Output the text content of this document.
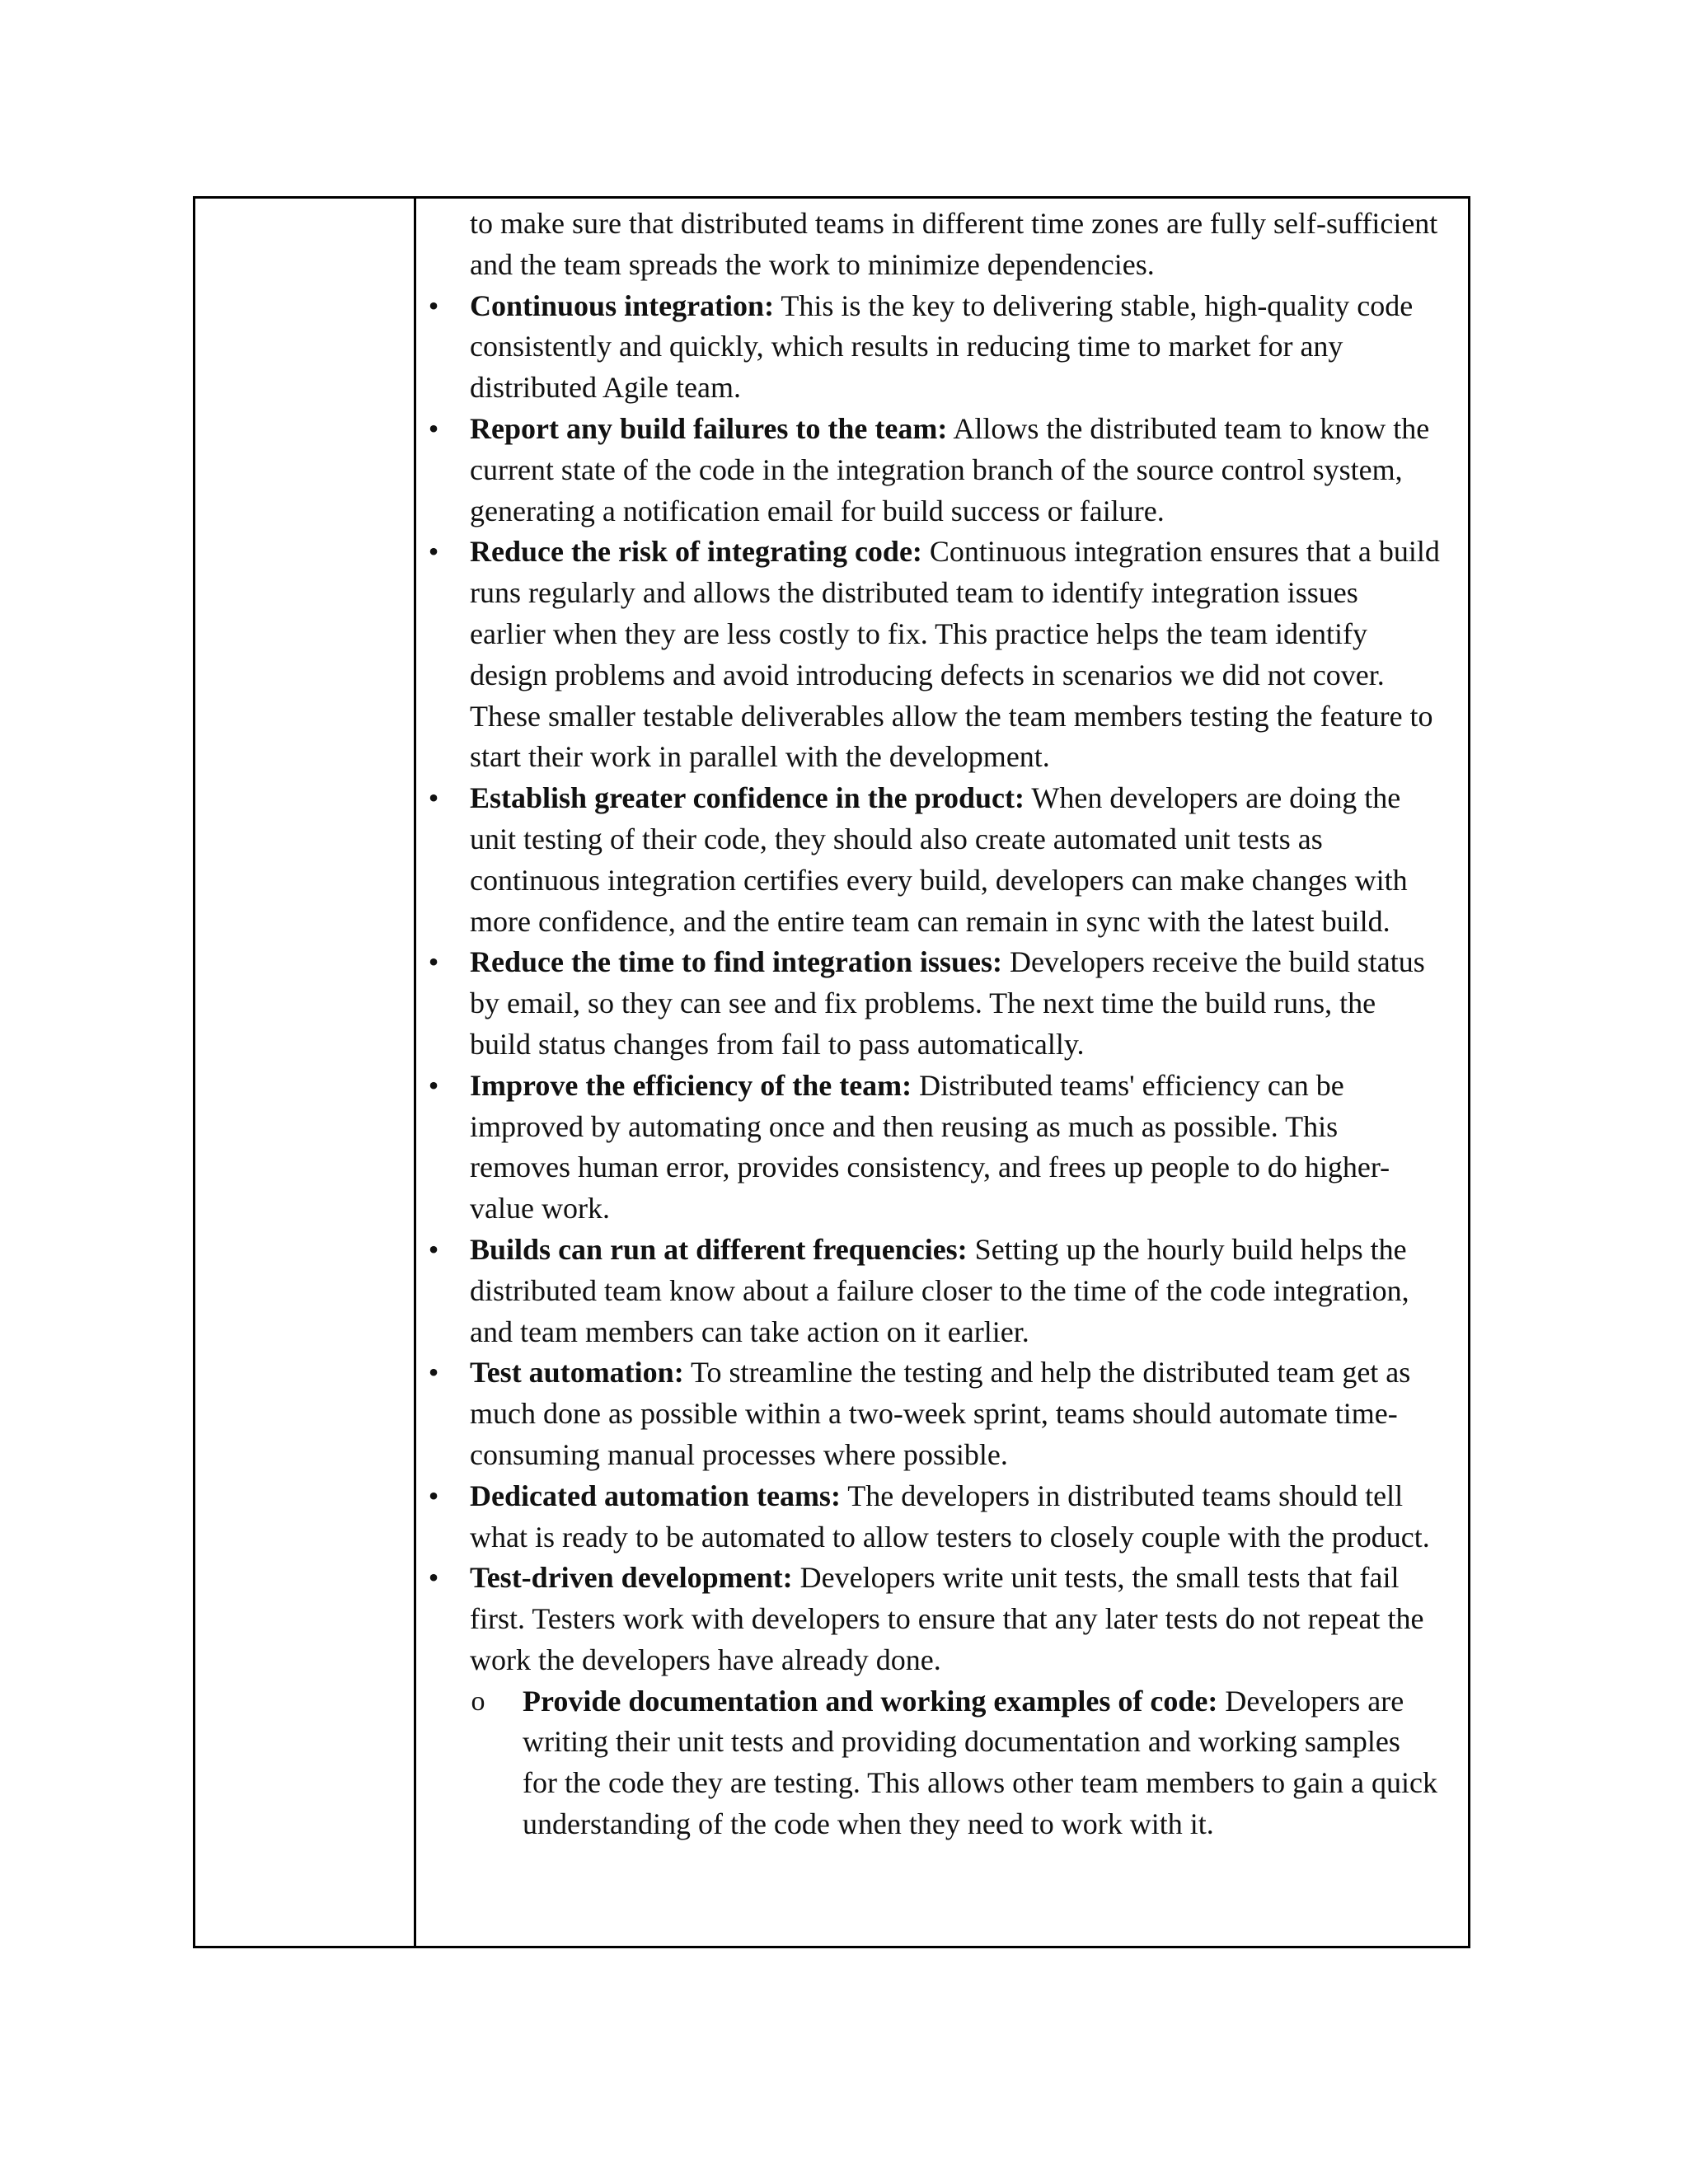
to make sure that distributed teams in different time zones are fully self-sufficient and the team spreads the work to minimize dependencies.
• Continuous integration: This is the key to delivering stable, high-quality code consistently and quickly, which results in reducing time to market for any distributed Agile team.
• Report any build failures to the team: Allows the distributed team to know the current state of the code in the integration branch of the source control system, generating a notification email for build success or failure.
• Reduce the risk of integrating code: Continuous integration ensures that a build runs regularly and allows the distributed team to identify integration issues earlier when they are less costly to fix. This practice helps the team identify design problems and avoid introducing defects in scenarios we did not cover. These smaller testable deliverables allow the team members testing the feature to start their work in parallel with the development.
• Establish greater confidence in the product: When developers are doing the unit testing of their code, they should also create automated unit tests as continuous integration certifies every build, developers can make changes with more confidence, and the entire team can remain in sync with the latest build.
• Reduce the time to find integration issues: Developers receive the build status by email, so they can see and fix problems. The next time the build runs, the build status changes from fail to pass automatically.
• Improve the efficiency of the team: Distributed teams' efficiency can be improved by automating once and then reusing as much as possible. This removes human error, provides consistency, and frees up people to do higher-value work.
• Builds can run at different frequencies: Setting up the hourly build helps the distributed team know about a failure closer to the time of the code integration, and team members can take action on it earlier.
• Test automation: To streamline the testing and help the distributed team get as much done as possible within a two-week sprint, teams should automate time-consuming manual processes where possible.
• Dedicated automation teams: The developers in distributed teams should tell what is ready to be automated to allow testers to closely couple with the product.
• Test-driven development: Developers write unit tests, the small tests that fail first. Testers work with developers to ensure that any later tests do not repeat the work the developers have already done.
o Provide documentation and working examples of code: Developers are writing their unit tests and providing documentation and working samples for the code they are testing. This allows other team members to gain a quick understanding of the code when they need to work with it.
